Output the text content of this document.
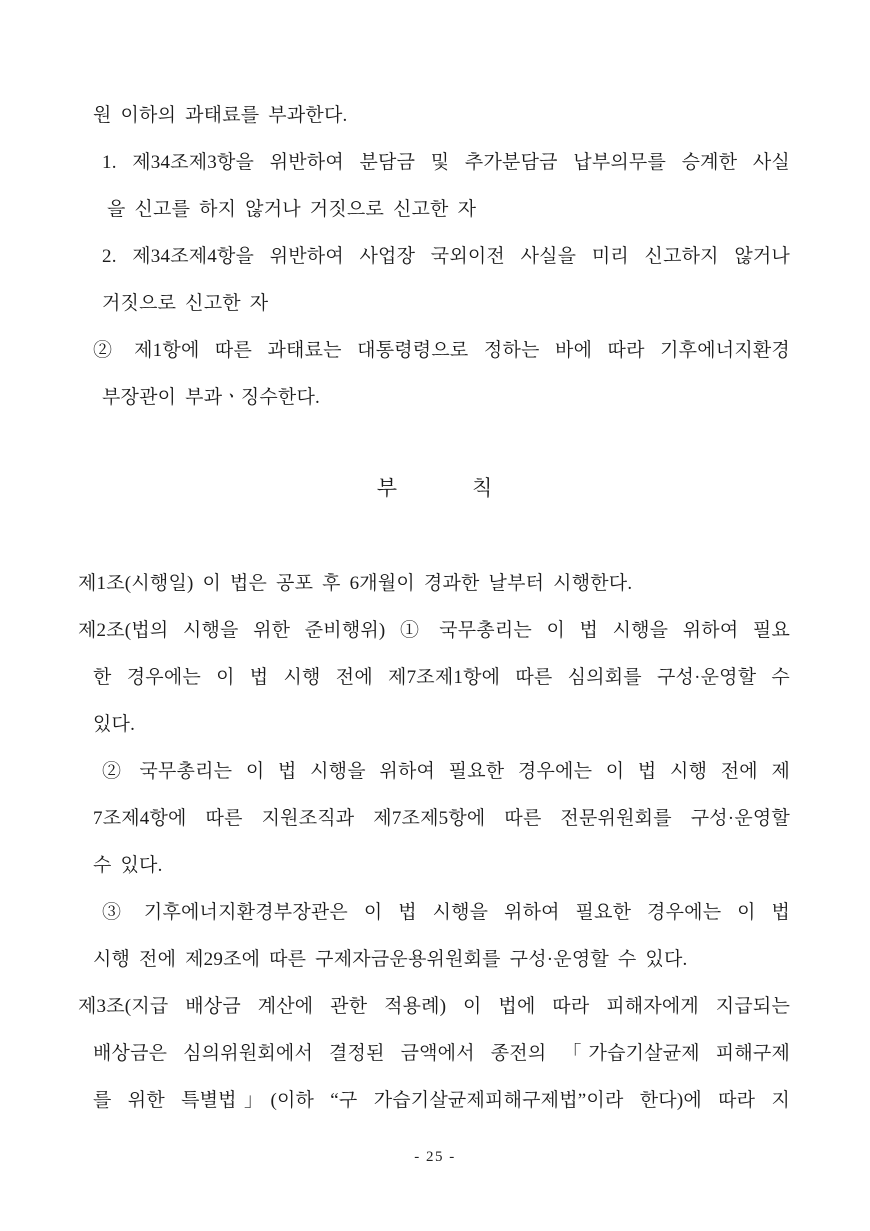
원 이하의 과태료를 부과한다.
1. 제34조제3항을 위반하여 분담금 및 추가분담금 납부의무를 승계한 사실
을 신고를 하지 않거나 거짓으로 신고한 자
2. 제34조제4항을 위반하여 사업장 국외이전 사실을 미리 신고하지 않거나
거짓으로 신고한 자
② 제1항에 따른 과태료는 대통령령으로 정하는 바에 따라 기후에너지환경
부장관이 부과ㆍ징수한다.
부        칙
제1조(시행일) 이 법은 공포 후 6개월이 경과한 날부터 시행한다.
제2조(법의 시행을 위한 준비행위) ① 국무총리는 이 법 시행을 위하여 필요
한 경우에는 이 법 시행 전에 제7조제1항에 따른 심의회를 구성·운영할 수
있다.
② 국무총리는 이 법 시행을 위하여 필요한 경우에는 이 법 시행 전에 제
7조제4항에 따른 지원조직과 제7조제5항에 따른 전문위원회를 구성·운영할
수 있다.
③ 기후에너지환경부장관은 이 법 시행을 위하여 필요한 경우에는 이 법
시행 전에 제29조에 따른 구제자금운용위원회를 구성·운영할 수 있다.
제3조(지급 배상금 계산에 관한 적용례) 이 법에 따라 피해자에게 지급되는
배상금은 심의위원회에서 결정된 금액에서 종전의 「가습기살균제 피해구제
를 위한 특별법」(이하 “구 가습기살균제피해구제법”이라 한다)에 따라 지
- 25 -
